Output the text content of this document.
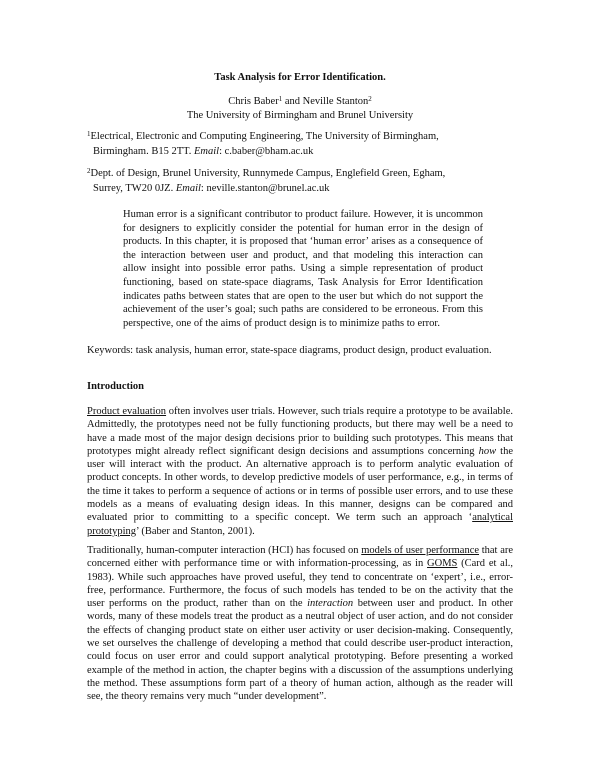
Task Analysis for Error Identification.
Chris Baber$^1$ and Neville Stanton$^2$
The University of Birmingham and Brunel University
$^1$Electrical, Electronic and Computing Engineering, The University of Birmingham,
Birmingham. B15 2TT. Email: c.baber@bham.ac.uk
$^2$Dept. of Design, Brunel University, Runnymede Campus, Englefield Green, Egham,
Surrey, TW20 0JZ. Email: neville.stanton@brunel.ac.uk
Human error is a significant contributor to product failure. However, it is uncommon for designers to explicitly consider the potential for human error in the design of products. In this chapter, it is proposed that ‘human error’ arises as a consequence of the interaction between user and product, and that modeling this interaction can allow insight into possible error paths. Using a simple representation of product functioning, based on state-space diagrams, Task Analysis for Error Identification indicates paths between states that are open to the user but which do not support the achievement of the user’s goal; such paths are considered to be erroneous. From this perspective, one of the aims of product design is to minimize paths to error.
Keywords: task analysis, human error, state-space diagrams, product design, product evaluation.
Introduction
Product evaluation often involves user trials. However, such trials require a prototype to be available. Admittedly, the prototypes need not be fully functioning products, but there may well be a need to have a made most of the major design decisions prior to building such prototypes. This means that prototypes might already reflect significant design decisions and assumptions concerning how the user will interact with the product. An alternative approach is to perform analytic evaluation of product concepts. In other words, to develop predictive models of user performance, e.g., in terms of the time it takes to perform a sequence of actions or in terms of possible user errors, and to use these models as a means of evaluating design ideas. In this manner, designs can be compared and evaluated prior to committing to a specific concept. We term such an approach ‘analytical prototyping’ (Baber and Stanton, 2001).
Traditionally, human-computer interaction (HCI) has focused on models of user performance that are concerned either with performance time or with information-processing, as in GOMS (Card et al., 1983). While such approaches have proved useful, they tend to concentrate on ‘expert’, i.e., error-free, performance. Furthermore, the focus of such models has tended to be on the activity that the user performs on the product, rather than on the interaction between user and product. In other words, many of these models treat the product as a neutral object of user action, and do not consider the effects of changing product state on either user activity or user decision-making. Consequently, we set ourselves the challenge of developing a method that could describe user-product interaction, could focus on user error and could support analytical prototyping. Before presenting a worked example of the method in action, the chapter begins with a discussion of the assumptions underlying the method. These assumptions form part of a theory of human action, although as the reader will see, the theory remains very much “under development”.
